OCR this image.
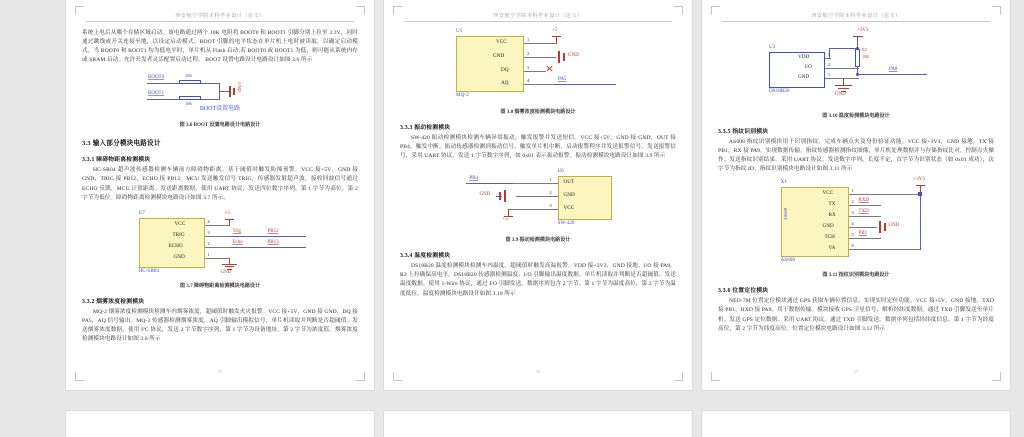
西安航空学院本科毕业设计（论文）
系统上电后从哪个存储区域启动。该电路通过两个 10K 电阻将 BOOT0 和 BOOT1 引脚分别上拉至 3.3V，同时通过跳线或开关连接至地，以设定启动模式。BOOT 引脚的电平状态在单片机上电时被读取，以确定启动模式。当 BOOT0 和 BOOT1 均为低电平时，单片机从 Flash 启动;若 BOOT0 或 BOOT1 为低，则可能从系统内存或 SRAM 启动。允许开发者灵活配置启动过程。 BOOT 设置电路设计电路设计如图 3.6 所示
BOOT0
BOOT1
10K
10K
GND
BOOT设置电路
图 3.6 BOOT 设置电路设计电路设计
3.3 输入部分模块电路设计
3.3.1 障碍物距离检测模块
HC-SR04 超声波传感器检测车辆前方障碍物距离。基于阈值时触发防撞预警。VCC 接+5V，GND 接 GND，TRIG 接 PB12，ECHO 接 PB13。MCU 发送触发信号 TRIG，传感器发射超声波，接收回波信号通过 ECHO 反馈，MCU 计算距离。发送距离数据。使用 UART 协议，发送四位数字序列，第 1 字节为高位，第 2 字节为低位。障碍物距离检测模块电路设计如图 3.7 所示。
U7
VCC
TRIG
ECHO
GND
4
3
2
1
+5
Trig	PB12
Echo	PB13
GND
HC-SR04
图 3.7 障碍物距离检测模块电路设计
3.3.2 烟雾浓度检测模块
MQ-2 烟雾浓度检测模块检测车内烟雾浓度，超阈值时触发火灾报警。VCC 接+5V，GND 接 GND，DQ 接 PA5，AQ 信号输出。MQ-2 传感器检测烟雾浓度，AQ 引脚输出模拟信号，单片机读取并判断是否超阈值。发送烟雾浓度数据。使用 I²C 协议，发送 2 字节数字序列，第 1 字节为设备地址，第 2 字节为浓度值。烟雾浓度检测模块电路设计如图 3.8 所示
15
西安航空学院本科毕业设计（论文）
U1
VCC
GND
DQ
AQ
1
2
3
4
+5
GND
PA5
MQ-2
图 3.8 烟雾浓度检测模块电路设计
3.3.3 振动检测模块
SW-420 振动检测模块检测车辆异常振动，触发报警并发送短信。VCC 接+5V，GND 接 GND，OUT 接 PB4。触发中断，振动传感器检测到振动信号，触发单片机中断，启动报警程序并发送报警信号。发送报警信号，采用 UART 协议，发送 1 字节数字序列，如 0x01 表示振动报警。振动检测模块电路设计如图 3.9 所示
U6
OUT
GND
VCC
1
2
3
PB4
GND
+5
SW-420
图 3.9 振动检测模块电路设计
3.3.4 温度检测模块
DS18B20 温度检测模块检测车内温度。超阈值时触发高温报警。VDD 接+3V3，GND 接地。I/O 接 PA8。R2 上拉确保高电平。DS18B20 传感器检测温度。I/O 引脚输出温度数据。单片机读取并判断是否超阈值。发送温度数据。使用 1-Wire 协议，通过 I/O 引脚发送。数据序列包含 2 字节。第 1 字节为温度高位，第 2 字节为温度低位。温度检测模块电路设计如图 3.10 所示
16
西安航空学院本科毕业设计（论文）
+3V3
R2
10K
U3
VDD
I/O
GND
3
2
1
PA8
GND
DS18B20
图 3.10 温度检测模块电路设计
3.3.5 指纹识别模块
AS608 指纹识别模块用于识别指纹，完成车辆点火及身份验证功能。VCC 接+3V3，GND 接地。TX 接 PB1，RX 接 PA9。实现数据传输。指纹传感器检测指纹图像，单片机处理数据并与存储指纹比对。控制点火操作。发送指纹识别结果。采用 UART 协议，发送数字序列，长度不定，首字节为识别状态（如 0x01 成功），次字节为指纹 ID。指纹识别模块电路设计如图 3.11 所示
X1
AS608
VCC
TX
RX
GND
TCH
VA
1
2
3
4
5
6
+3V3
RXD
TXD
PB1
GND
AS608
图 3.11 指纹识别模块电路设计
3.3.6 位置定位模块
NEO-7M 位置定位模块通过 GPS 获取车辆位置信息。实现实时定位功能。VCC 接+5V，GND 接地。TXD 接 PB1，RXD 接 PA9。用于数据传输。模块接收 GPS 卫星信号，解析经纬度数据。通过 TXD 引脚发送至单片机。发送 GPS 定位数据。采用 UART 协议。通过 TXD 引脚发送。数据序列包括经纬度信息。第 1 字节为经度高位，第 2 字节为纬度高位。位置定位模块电路设计如图 3.12 所示
17
